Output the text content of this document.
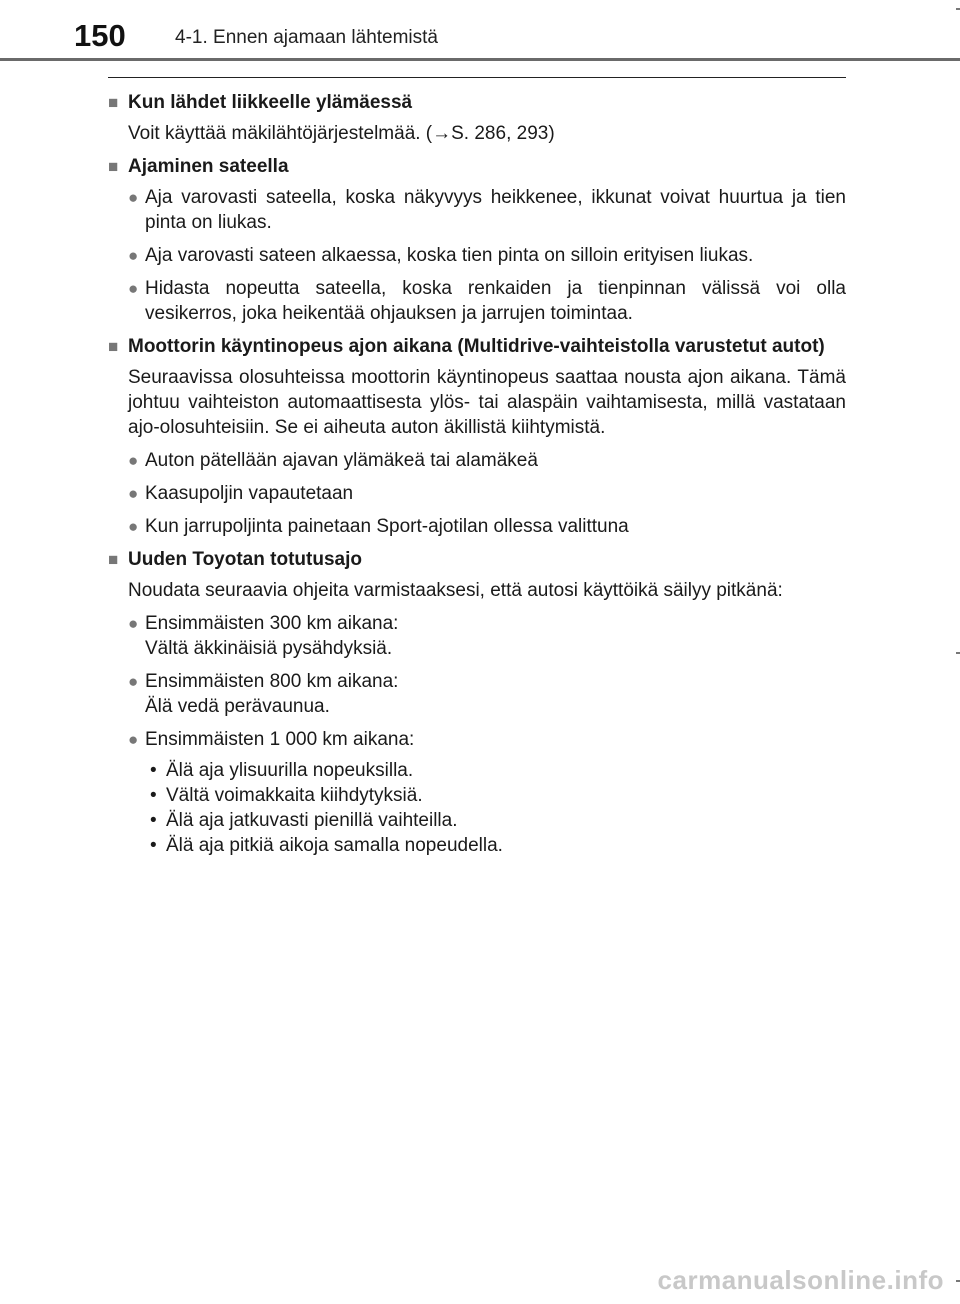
150	4-1. Ennen ajamaan lähtemistä
■ Kun lähdet liikkeelle ylämäessä
Voit käyttää mäkilähtöjärjestelmää. (→S. 286, 293)
■ Ajaminen sateella
● Aja varovasti sateella, koska näkyvyys heikkenee, ikkunat voivat huurtua ja tien pinta on liukas.
● Aja varovasti sateen alkaessa, koska tien pinta on silloin erityisen liukas.
● Hidasta nopeutta sateella, koska renkaiden ja tienpinnan välissä voi olla vesikerros, joka heikentää ohjauksen ja jarrujen toimintaa.
■ Moottorin käyntinopeus ajon aikana (Multidrive-vaihteistolla varustetut autot)
Seuraavissa olosuhteissa moottorin käyntinopeus saattaa nousta ajon aikana. Tämä johtuu vaihteiston automaattisesta ylös- tai alaspäin vaihtamisesta, millä vastataan ajo-olosuhteisiin. Se ei aiheuta auton äkillistä kiihtymistä.
● Auton pätellään ajavan ylämäkeä tai alamäkeä
● Kaasupoljin vapautetaan
● Kun jarrupoljinta painetaan Sport-ajotilan ollessa valittuna
■ Uuden Toyotan totutusajo
Noudata seuraavia ohjeita varmistaaksesi, että autosi käyttöikä säilyy pitkänä:
● Ensimmäisten 300 km aikana:
Vältä äkkinäisiä pysähdyksiä.
● Ensimmäisten 800 km aikana:
Älä vedä perävaunua.
● Ensimmäisten 1 000 km aikana:
• Älä aja ylisuurilla nopeuksilla.
• Vältä voimakkaita kiihdytyksiä.
• Älä aja jatkuvasti pienillä vaihteilla.
• Älä aja pitkiä aikoja samalla nopeudella.
carmanualsonline.info
